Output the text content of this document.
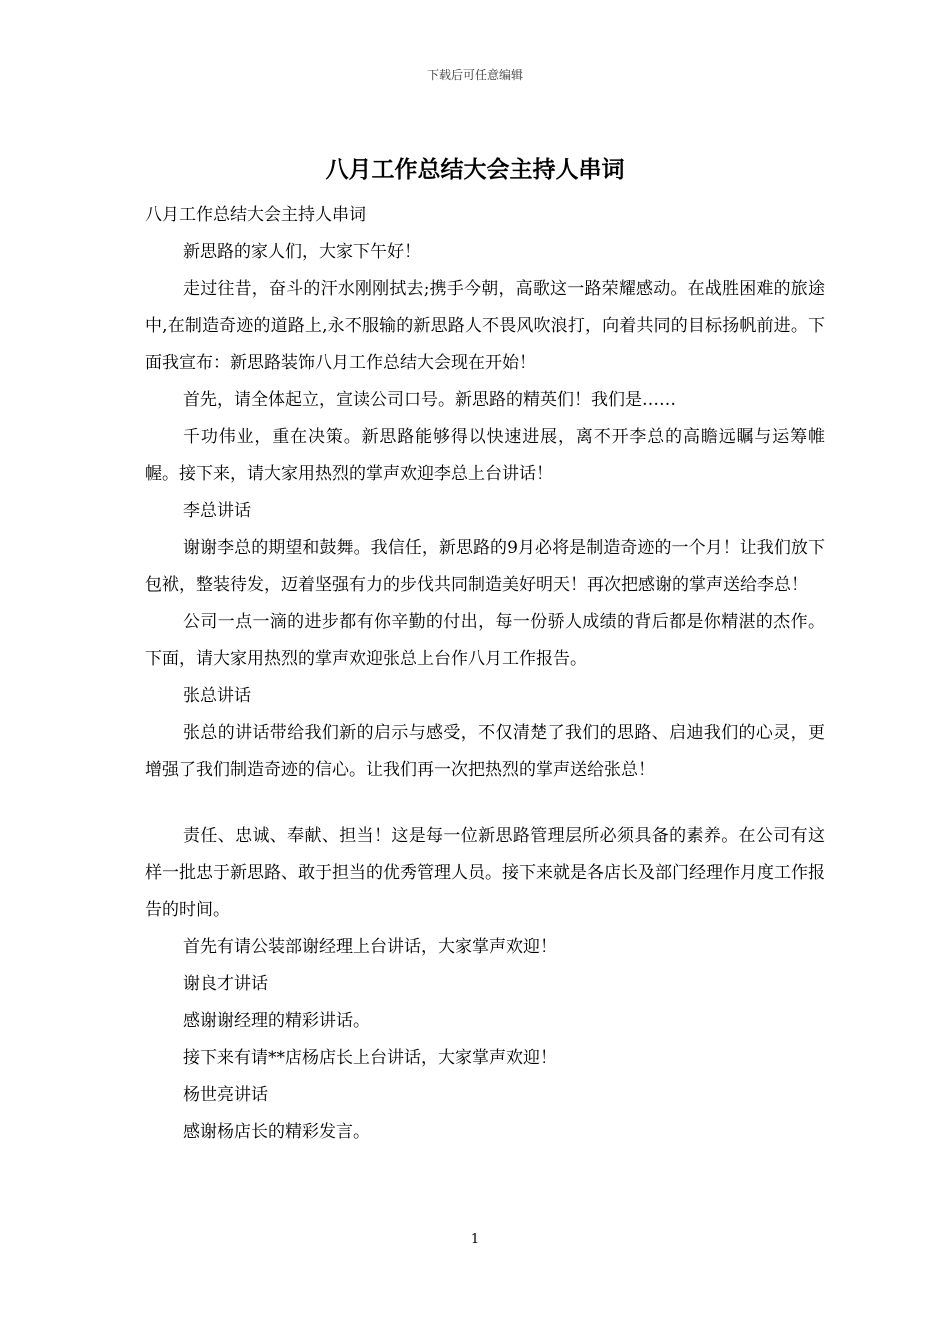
下载后可任意编辑
八月工作总结大会主持人串词

八月工作总结大会主持人串词

新思路的家人们，大家下午好！

走过往昔，奋斗的汗水刚刚拭去;携手今朝，高歌这一路荣耀感动。在战胜困难的旅途中,在制造奇迹的道路上,永不服输的新思路人不畏风吹浪打，向着共同的目标扬帆前进。下面我宣布：新思路装饰八月工作总结大会现在开始！

首先，请全体起立，宣读公司口号。新思路的精英们！我们是……

千功伟业，重在决策。新思路能够得以快速进展，离不开李总的高瞻远瞩与运筹帷幄。接下来，请大家用热烈的掌声欢迎李总上台讲话！

李总讲话

谢谢李总的期望和鼓舞。我信任，新思路的9月必将是制造奇迹的一个月！让我们放下包袱，整装待发，迈着坚强有力的步伐共同制造美好明天！再次把感谢的掌声送给李总！

公司一点一滴的进步都有你辛勤的付出，每一份骄人成绩的背后都是你精湛的杰作。下面，请大家用热烈的掌声欢迎张总上台作八月工作报告。

张总讲话

张总的讲话带给我们新的启示与感受，不仅清楚了我们的思路、启迪我们的心灵，更增强了我们制造奇迹的信心。让我们再一次把热烈的掌声送给张总！

责任、忠诚、奉献、担当！这是每一位新思路管理层所必须具备的素养。在公司有这样一批忠于新思路、敢于担当的优秀管理人员。接下来就是各店长及部门经理作月度工作报告的时间。

首先有请公装部谢经理上台讲话，大家掌声欢迎！

谢良才讲话

感谢谢经理的精彩讲话。

接下来有请**店杨店长上台讲话，大家掌声欢迎！

杨世亮讲话

感谢杨店长的精彩发言。

1
